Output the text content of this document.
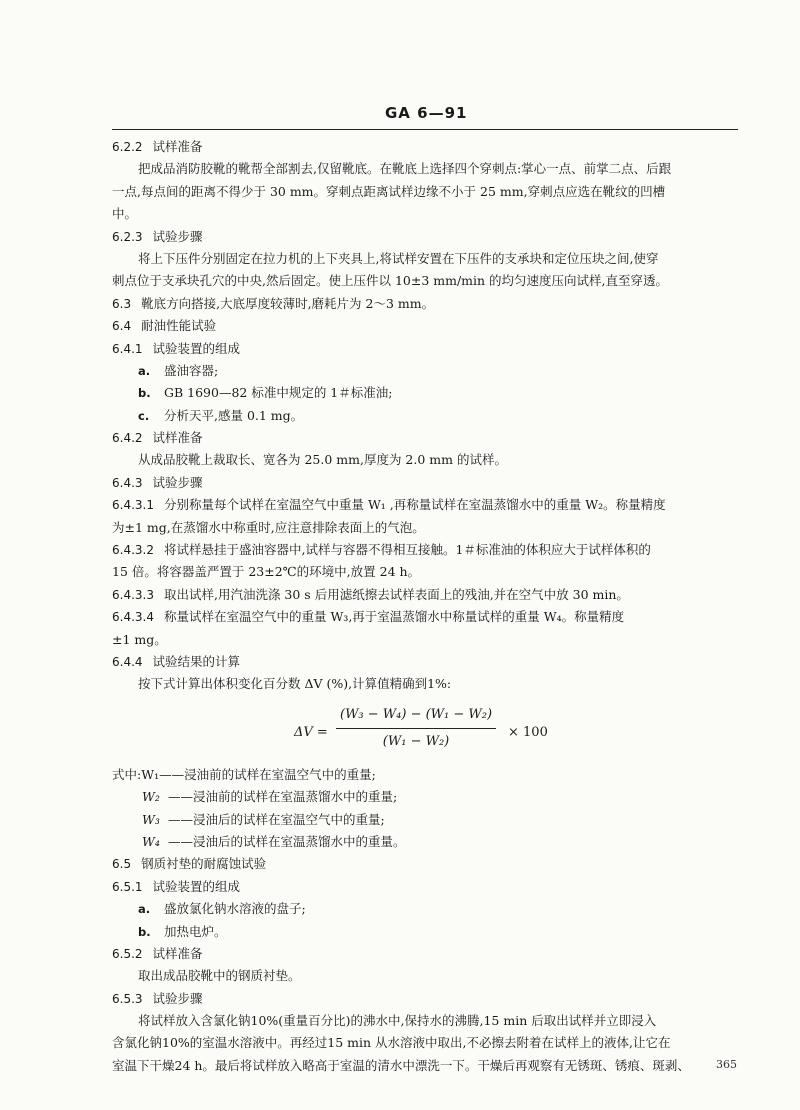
GA 6—91
6.2.2 试样准备
把成品消防胶靴的靴帮全部割去,仅留靴底。在靴底上选择四个穿刺点:掌心一点、前掌二点、后跟
一点,每点间的距离不得少于 30 mm。穿刺点距离试样边缘不小于 25 mm,穿刺点应选在靴纹的凹槽
中。
6.2.3 试验步骤
将上下压件分别固定在拉力机的上下夹具上,将试样安置在下压件的支承块和定位压块之间,使穿
刺点位于支承块孔穴的中央,然后固定。使上压件以 10±3 mm/min 的均匀速度压向试样,直至穿透。
6.3 靴底方向搭接,大底厚度较薄时,磨耗片为 2～3 mm。
6.4 耐油性能试验
6.4.1 试验装置的组成
a. 盛油容器;
b. GB 1690—82 标准中规定的 1＃标准油;
c. 分析天平,感量 0.1 mg。
6.4.2 试样准备
从成品胶靴上裁取长、宽各为 25.0 mm,厚度为 2.0 mm 的试样。
6.4.3 试验步骤
6.4.3.1 分别称量每个试样在室温空气中重量 W₁ ,再称量试样在室温蒸馏水中的重量 W₂。称量精度
为±1 mg,在蒸馏水中称重时,应注意排除表面上的气泡。
6.4.3.2 将试样悬挂于盛油容器中,试样与容器不得相互接触。1＃标准油的体积应大于试样体积的
15 倍。将容器盖严置于 23±2℃的环境中,放置 24 h。
6.4.3.3 取出试样,用汽油洗涤 30 s 后用滤纸擦去试样表面上的残油,并在空气中放 30 min。
6.4.3.4 称量试样在室温空气中的重量 W₃,再于室温蒸馏水中称量试样的重量 W₄。称量精度
±1 mg。
6.4.4 试验结果的计算
按下式计算出体积变化百分数 ΔV (%),计算值精确到1%:
$\Delta V = \frac{\text{(W₃ − W₄) − (W₁ − W₂)}}{\text{(W₁ − W₂)}} \times 100$
式中:W₁——浸油前的试样在室温空气中的重量;
W₂ ——浸油前的试样在室温蒸馏水中的重量;
W₃ ——浸油后的试样在室温空气中的重量;
W₄ ——浸油后的试样在室温蒸馏水中的重量。
6.5 钢质衬垫的耐腐蚀试验
6.5.1 试验装置的组成
a. 盛放氯化钠水溶液的盘子;
b. 加热电炉。
6.5.2 试样准备
取出成品胶靴中的钢质衬垫。
6.5.3 试验步骤
将试样放入含氯化钠10%(重量百分比)的沸水中,保持水的沸腾,15 min 后取出试样并立即浸入
含氯化钠10%的室温水溶液中。再经过15 min 从水溶液中取出,不必擦去附着在试样上的液体,让它在
室温下干燥24 h。最后将试样放入略高于室温的清水中漂洗一下。干燥后再观察有无锈斑、锈痕、斑剥、	365
